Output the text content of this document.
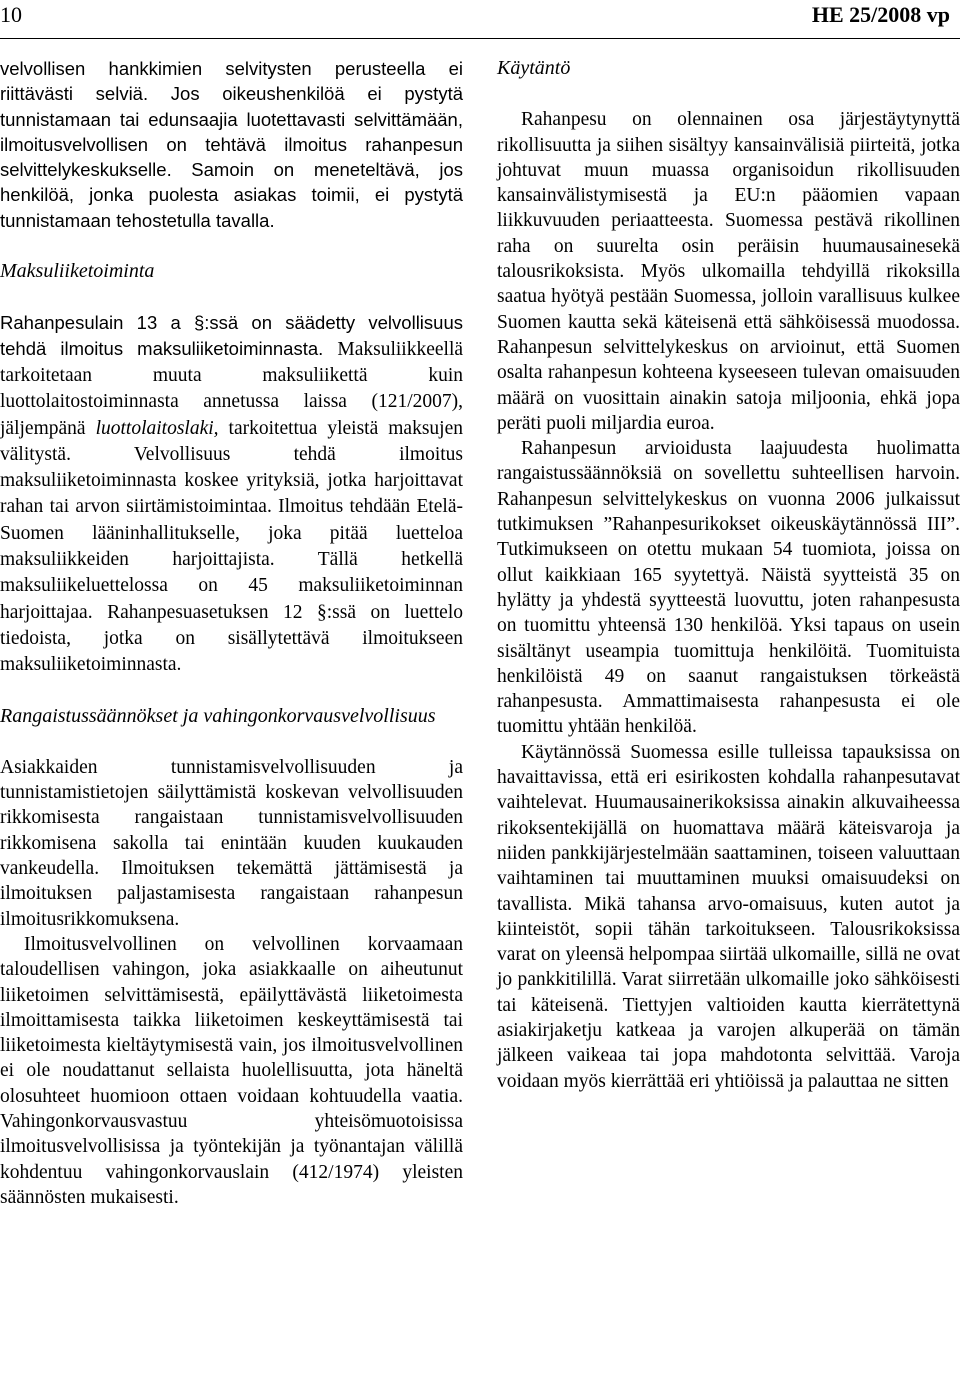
10	HE 25/2008 vp

velvollisen hankkimien selvitysten perusteella ei riittävästi selviä. Jos oikeushenkilöä ei pystytä tunnistamaan tai edunsaajia luotettavasti selvittämään, ilmoitusvelvollisen on tehtävä ilmoitus rahanpesun selvittelykeskukselle. Samoin on meneteltävä, jos henkilöä, jonka puolesta asiakas toimii, ei pystytä tunnistamaan tehostetulla tavalla.

Maksuliiketoiminta

Rahanpesulain 13 a §:ssä on säädetty velvollisuus tehdä ilmoitus maksuliiketoiminnasta. Maksuliikkeellä tarkoitetaan muuta maksuliikettä kuin luottolaitostoiminnasta annetussa laissa (121/2007), jäljempänä luottolaitoslaki, tarkoitettua yleistä maksujen välitystä. Velvollisuus tehdä ilmoitus maksuliiketoiminnasta koskee yrityksiä, jotka harjoittavat rahan tai arvon siirtämistoimintaa. Ilmoitus tehdään Etelä-Suomen lääninhallitukselle, joka pitää luetteloa maksuliikkeiden harjoittajista. Tällä hetkellä maksuliikeluettelossa on 45 maksuliiketoiminnan harjoittajaa. Rahanpesuasetuksen 12 §:ssä on luettelo tiedoista, jotka on sisällytettävä ilmoitukseen maksuliiketoiminnasta.

Rangaistussäännökset ja vahingonkorvausvelvollisuus

Asiakkaiden tunnistamisvelvollisuuden ja tunnistamistietojen säilyttämistä koskevan velvollisuuden rikkomisesta rangaistaan tunnistamisvelvollisuuden rikkomisena sakolla tai enintään kuuden kuukauden vankeudella. Ilmoituksen tekemättä jättämisestä ja ilmoituksen paljastamisesta rangaistaan rahanpesun ilmoitusrikkomuksena.

Ilmoitusvelvollinen on velvollinen korvaamaan taloudellisen vahingon, joka asiakkaalle on aiheutunut liiketoimen selvittämisestä, epäilyttävästä liiketoimesta ilmoittamisesta taikka liiketoimen keskeyttämisestä tai liiketoimesta kieltäytymisestä vain, jos ilmoitusvelvollinen ei ole noudattanut sellaista huolellisuutta, jota häneltä olosuhteet huomioon ottaen voidaan kohtuudella vaatia. Vahingonkorvausvastuu yhteisömuotoisissa ilmoitusvelvollisissa ja työntekijän ja työnantajan välillä kohdentuu vahingonkorvauslain (412/1974) yleisten säännösten mukaisesti.

Käytäntö

Rahanpesu on olennainen osa järjestäytynyttä rikollisuutta ja siihen sisältyy kansainvälisiä piirteitä, jotka johtuvat muun muassa organisoidun rikollisuuden kansainvälistymisestä ja EU:n pääomien vapaan liikkuvuuden periaatteesta. Suomessa pestävä rikollinen raha on suurelta osin peräisin huumausainesekä talousrikoksista. Myös ulkomailla tehdyillä rikoksilla saatua hyötyä pestään Suomessa, jolloin varallisuus kulkee Suomen kautta sekä käteisenä että sähköisessä muodossa. Rahanpesun selvittelykeskus on arvioinut, että Suomen osalta rahanpesun kohteena kyseeseen tulevan omaisuuden määrä on vuosittain ainakin satoja miljoonia, ehkä jopa peräti puoli miljardia euroa.

Rahanpesun arvioidusta laajuudesta huolimatta rangaistussäännöksiä on sovellettu suhteellisen harvoin. Rahanpesun selvittelykeskus on vuonna 2006 julkaissut tutkimuksen ”Rahanpesurikokset oikeuskäytännössä III”. Tutkimukseen on otettu mukaan 54 tuomiota, joissa on ollut kaikkiaan 165 syytettyä. Näistä syytteistä 35 on hylätty ja yhdestä syytteestä luovuttu, joten rahanpesusta on tuomittu yhteensä 130 henkilöä. Yksi tapaus on usein sisältänyt useampia tuomittuja henkilöitä. Tuomituista henkilöistä 49 on saanut rangaistuksen törkeästä rahanpesusta. Ammattimaisesta rahanpesusta ei ole tuomittu yhtään henkilöä.

Käytännössä Suomessa esille tulleissa tapauksissa on havaittavissa, että eri esirikosten kohdalla rahanpesutavat vaihtelevat. Huumausainerikoksissa ainakin alkuvaiheessa rikoksentekijällä on huomattava määrä käteisvaroja ja niiden pankkijärjestelmään saattaminen, toiseen valuuttaan vaihtaminen tai muuttaminen muuksi omaisuudeksi on tavallista. Mikä tahansa arvo-omaisuus, kuten autot ja kiinteistöt, sopii tähän tarkoitukseen. Talousrikoksissa varat on yleensä helpompaa siirtää ulkomaille, sillä ne ovat jo pankkitilillä. Varat siirretään ulkomaille joko sähköisesti tai käteisenä. Tiettyjen valtioiden kautta kierrätettynä asiakirjaketju katkeaa ja varojen alkuperää on tämän jälkeen vaikeaa tai jopa mahdotonta selvittää. Varoja voidaan myös kierrättää eri yhtiöissä ja palauttaa ne sitten
